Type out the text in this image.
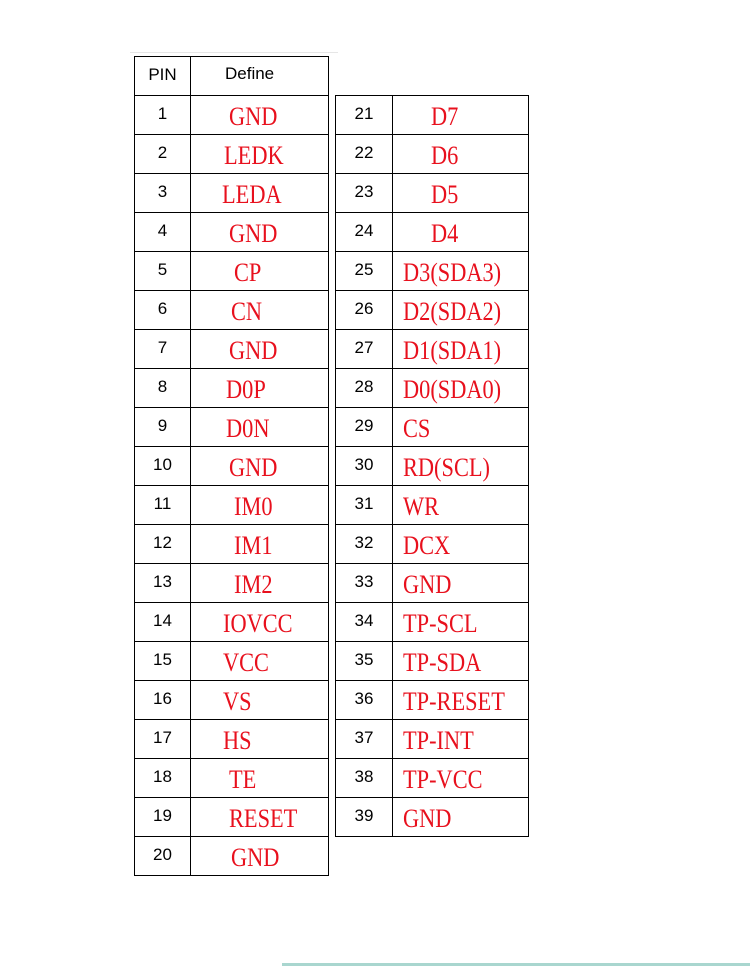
PIN	Define

1	GND

2	LEDK

3	LEDA

4	GND

5	CP

6	CN

7	GND

8	D0P

9	D0N

10	GND

11	IM0

12	IM1

13	IM2

14	IOVCC

15	VCC

16	VS

17	HS

18	TE

19	RESET

20	GND
21	D7

22	D6

23	D5

24	D4

25	D3(SDA3)

26	D2(SDA2)

27	D1(SDA1)

28	D0(SDA0)

29	CS

30	RD(SCL)

31	WR

32	DCX

33	GND

34	TP-SCL

35	TP-SDA

36	TP-RESET

37	TP-INT

38	TP-VCC

39	GND
